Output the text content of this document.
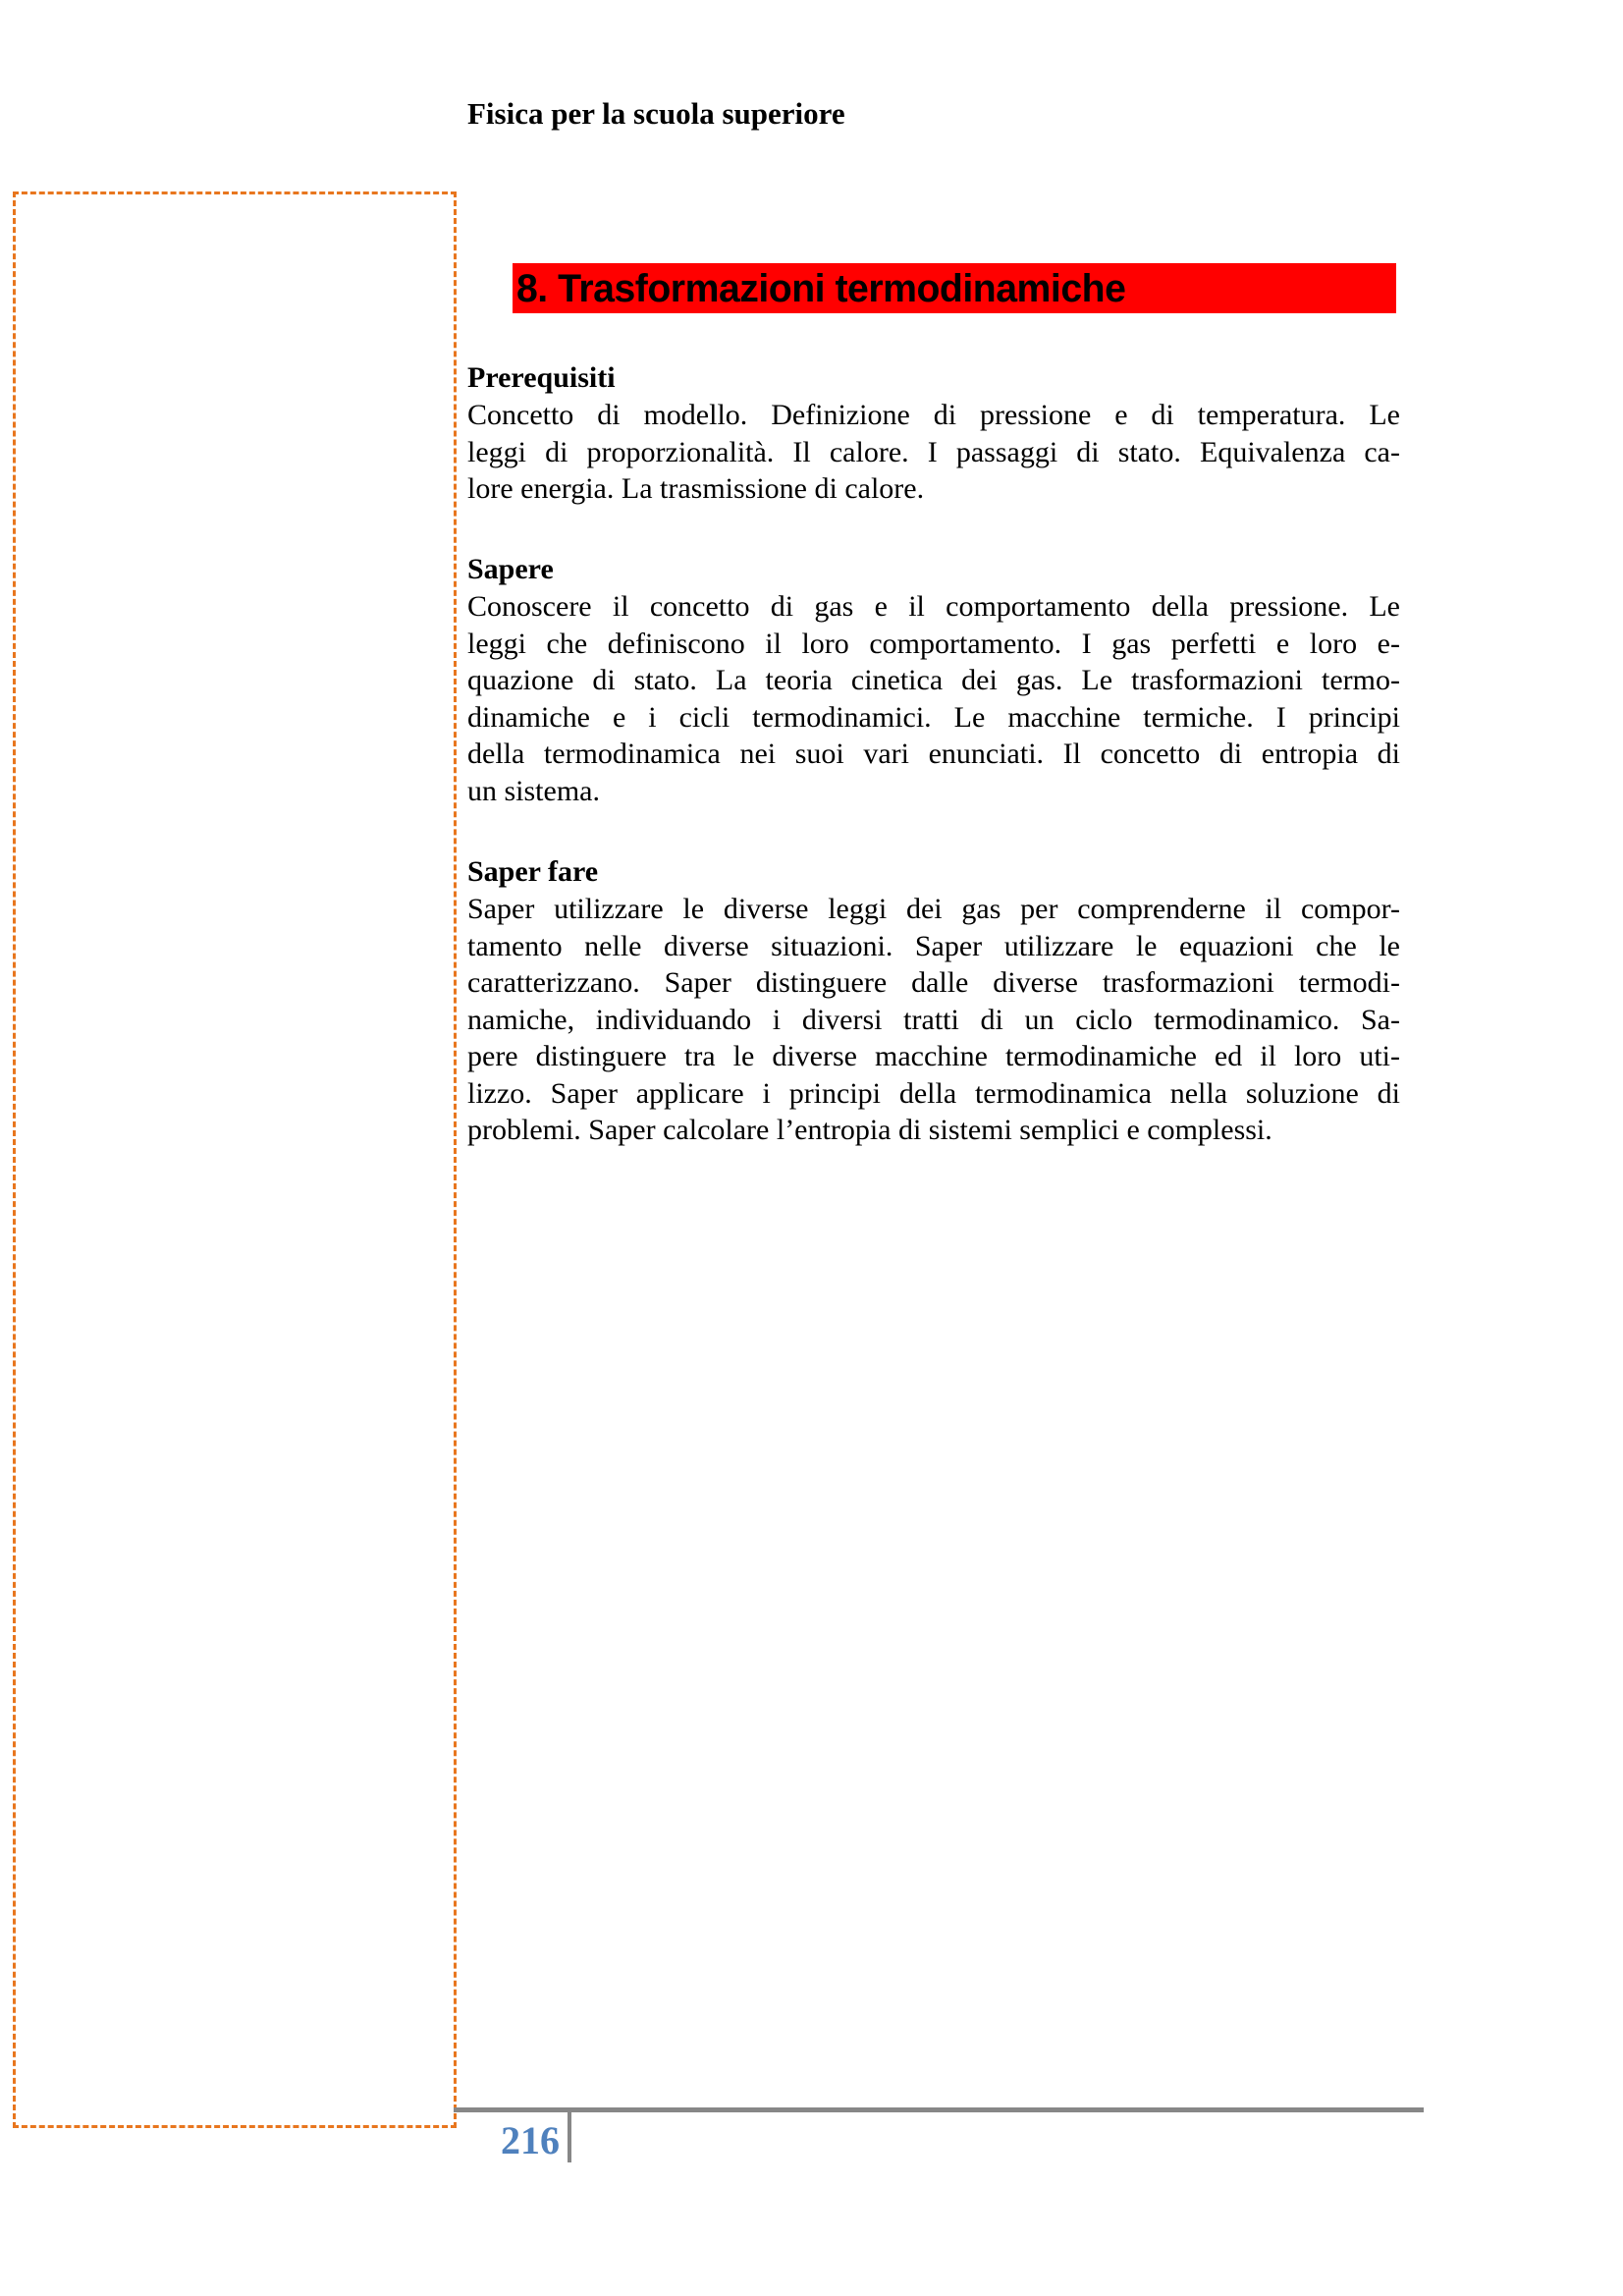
Fisica per la scuola superiore
8. Trasformazioni termodinamiche
Prerequisiti

Concetto di modello. Definizione di pressione e di temperatura. Le
leggi di proporzionalità. Il calore. I passaggi di stato. Equivalenza ca-
lore energia. La trasmissione di calore.

Sapere

Conoscere il concetto di gas e il comportamento della pressione. Le
leggi che definiscono il loro comportamento. I gas perfetti e loro e-
quazione di stato. La teoria cinetica dei gas. Le trasformazioni termo-
dinamiche e i cicli termodinamici. Le macchine termiche. I principi
della termodinamica nei suoi vari enunciati. Il concetto di entropia di
un sistema.

Saper fare

Saper utilizzare le diverse leggi dei gas per comprenderne il compor-
tamento nelle diverse situazioni. Saper utilizzare le equazioni che le
caratterizzano. Saper distinguere dalle diverse trasformazioni termodi-
namiche, individuando i diversi tratti di un ciclo termodinamico. Sa-
pere distinguere tra le diverse macchine termodinamiche ed il loro uti-
lizzo. Saper applicare i principi della termodinamica nella soluzione di
problemi. Saper calcolare l’entropia di sistemi semplici e complessi.

216
